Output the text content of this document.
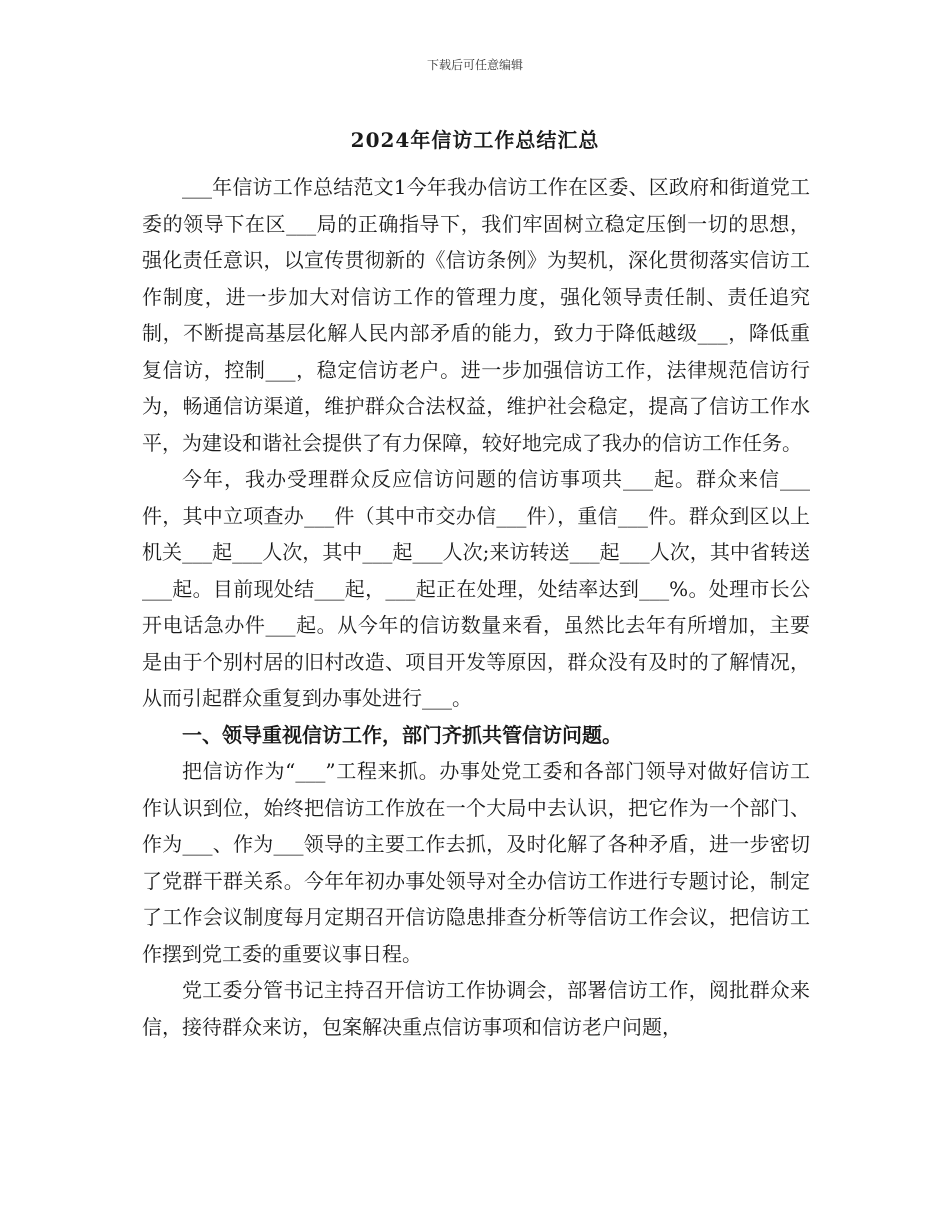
下载后可任意编辑
2024年信访工作总结汇总

___年信访工作总结范文1今年我办信访工作在区委、区政府和街道党工委的领导下在区___局的正确指导下，我们牢固树立稳定压倒一切的思想，强化责任意识，以宣传贯彻新的《信访条例》为契机，深化贯彻落实信访工作制度，进一步加大对信访工作的管理力度，强化领导责任制、责任追究制，不断提高基层化解人民内部矛盾的能力，致力于降低越级___，降低重复信访，控制___，稳定信访老户。进一步加强信访工作，法律规范信访行为，畅通信访渠道，维护群众合法权益，维护社会稳定，提高了信访工作水平，为建设和谐社会提供了有力保障，较好地完成了我办的信访工作任务。

今年，我办受理群众反应信访问题的信访事项共___起。群众来信___件，其中立项查办___件（其中市交办信___件），重信___件。群众到区以上机关___起___人次，其中___起___人次;来访转送___起___人次，其中省转送___起。目前现处结___起，___起正在处理，处结率达到___%。处理市长公开电话急办件___起。从今年的信访数量来看，虽然比去年有所增加，主要是由于个别村居的旧村改造、项目开发等原因，群众没有及时的了解情况，从而引起群众重复到办事处进行___。

一、领导重视信访工作，部门齐抓共管信访问题。

把信访作为“___”工程来抓。办事处党工委和各部门领导对做好信访工作认识到位，始终把信访工作放在一个大局中去认识，把它作为一个部门、作为___、作为___领导的主要工作去抓，及时化解了各种矛盾，进一步密切了党群干群关系。今年年初办事处领导对全办信访工作进行专题讨论，制定了工作会议制度每月定期召开信访隐患排查分析等信访工作会议，把信访工作摆到党工委的重要议事日程。

党工委分管书记主持召开信访工作协调会，部署信访工作，阅批群众来信，接待群众来访，包案解决重点信访事项和信访老户问题，
